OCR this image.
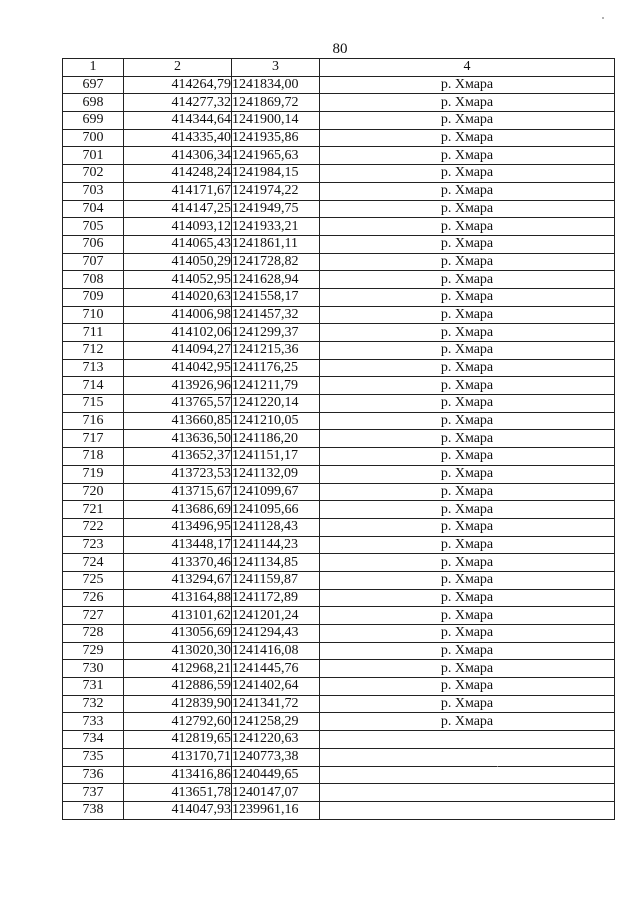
80
1	2	3	4
697	414264,79	1241834,00	р. Хмара
698	414277,32	1241869,72	р. Хмара
699	414344,64	1241900,14	р. Хмара
700	414335,40	1241935,86	р. Хмара
701	414306,34	1241965,63	р. Хмара
702	414248,24	1241984,15	р. Хмара
703	414171,67	1241974,22	р. Хмара
704	414147,25	1241949,75	р. Хмара
705	414093,12	1241933,21	р. Хмара
706	414065,43	1241861,11	р. Хмара
707	414050,29	1241728,82	р. Хмара
708	414052,95	1241628,94	р. Хмара
709	414020,63	1241558,17	р. Хмара
710	414006,98	1241457,32	р. Хмара
711	414102,06	1241299,37	р. Хмара
712	414094,27	1241215,36	р. Хмара
713	414042,95	1241176,25	р. Хмара
714	413926,96	1241211,79	р. Хмара
715	413765,57	1241220,14	р. Хмара
716	413660,85	1241210,05	р. Хмара
717	413636,50	1241186,20	р. Хмара
718	413652,37	1241151,17	р. Хмара
719	413723,53	1241132,09	р. Хмара
720	413715,67	1241099,67	р. Хмара
721	413686,69	1241095,66	р. Хмара
722	413496,95	1241128,43	р. Хмара
723	413448,17	1241144,23	р. Хмара
724	413370,46	1241134,85	р. Хмара
725	413294,67	1241159,87	р. Хмара
726	413164,88	1241172,89	р. Хмара
727	413101,62	1241201,24	р. Хмара
728	413056,69	1241294,43	р. Хмара
729	413020,30	1241416,08	р. Хмара
730	412968,21	1241445,76	р. Хмара
731	412886,59	1241402,64	р. Хмара
732	412839,90	1241341,72	р. Хмара
733	412792,60	1241258,29	р. Хмара
734	412819,65	1241220,63	
735	413170,71	1240773,38	
736	413416,86	1240449,65	
737	413651,78	1240147,07	
738	414047,93	1239961,16	
